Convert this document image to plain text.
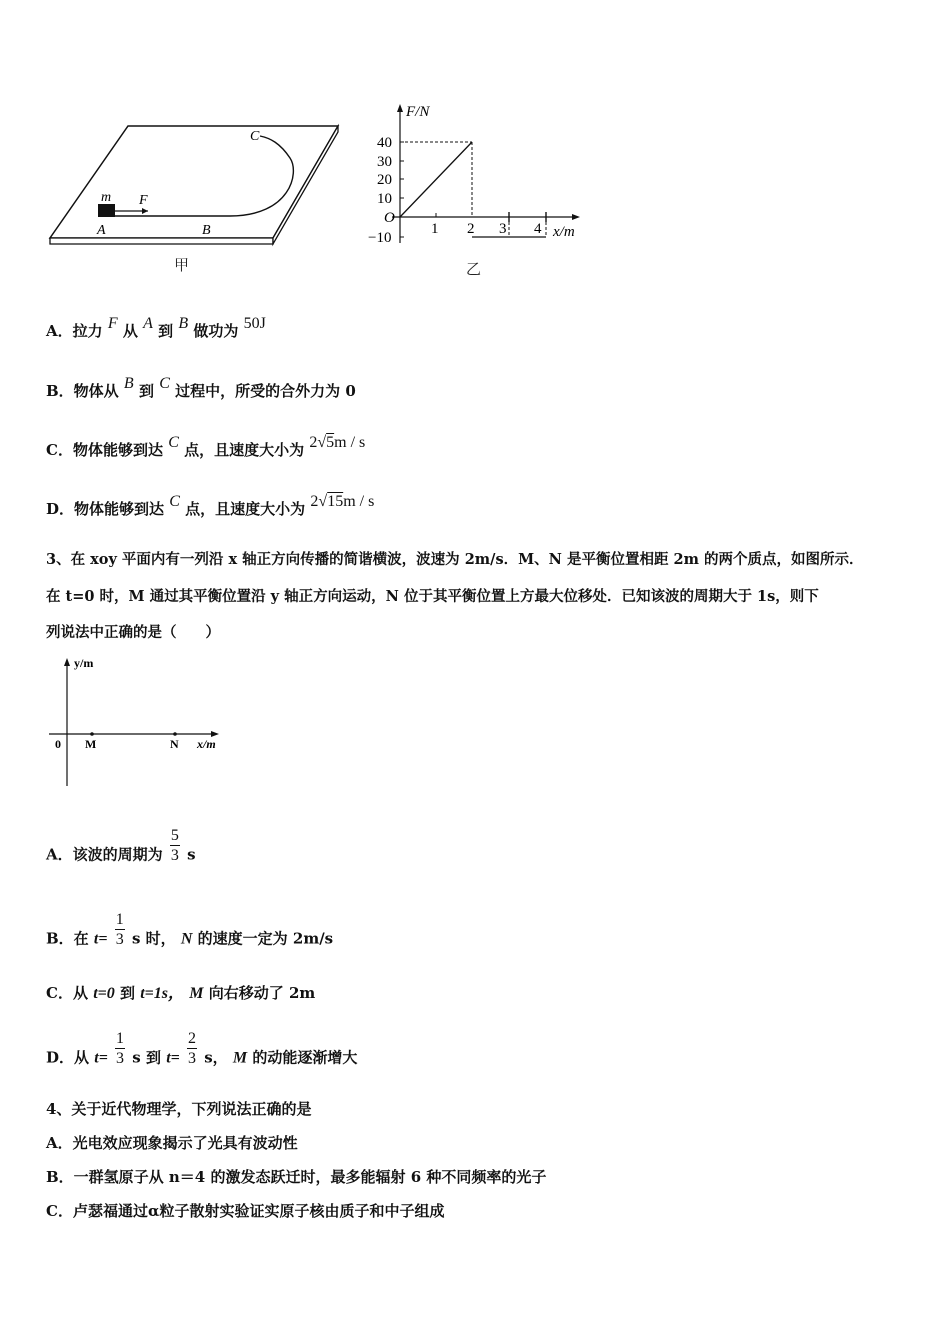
m F
A	B
C
甲
F/N
x/m
O
40
30
20
10
−10
1 2 3 4
乙
A．拉力 F 从 A 到 B 做功为 50J
B．物体从 B 到 C 过程中，所受的合外力为 0
C．物体能够到达 C 点，且速度大小为 2√5m / s
D．物体能够到达 C 点，且速度大小为 2√15m / s
3、在 xoy 平面内有一列沿 x 轴正方向传播的简谐横波，波速为 2m/s．M、N 是平衡位置相距 2m 的两个质点，如图所示．
在 t=0 时，M 通过其平衡位置沿 y 轴正方向运动，N 位于其平衡位置上方最大位移处．已知该波的周期大于 1s，则下
列说法中正确的是（　　）
y/m
0 M	N x/m
A．该波的周期为 $\frac{5}{3}$ s
B．在 $t= \frac{1}{3}$ s 时， N 的速度一定为 2m/s
C．从 t=0 到 t=1s， M 向右移动了 2m
D．从 $t= \frac{1}{3}$ s 到 $t= \frac{2}{3}$ s， M 的动能逐渐增大
4、关于近代物理学，下列说法正确的是
A．光电效应现象揭示了光具有波动性
B．一群氢原子从 n＝4 的激发态跃迁时，最多能辐射 6 种不同频率的光子
C．卢瑟福通过α粒子散射实验证实原子核由质子和中子组成
